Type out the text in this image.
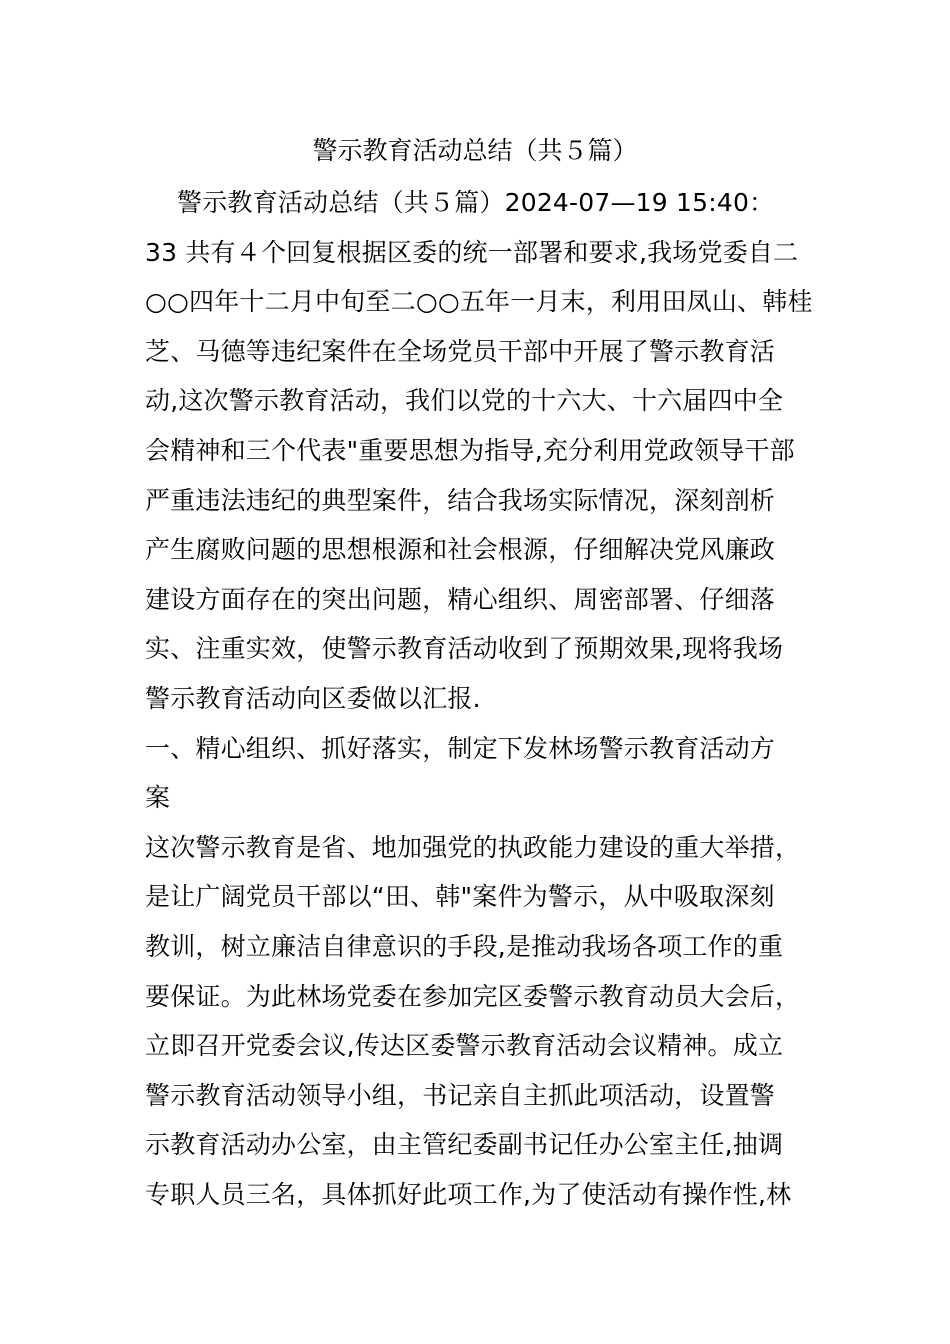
警示教育活动总结（共５篇）
警示教育活动总结（共５篇）2024-07—19 15:40：
33 共有４个回复根据区委的统一部署和要求,我场党委自二
○○四年十二月中旬至二○○五年一月末，利用田凤山、韩桂
芝、马德等违纪案件在全场党员干部中开展了警示教育活
动,这次警示教育活动，我们以党的十六大、十六届四中全
会精神和三个代表"重要思想为指导,充分利用党政领导干部
严重违法违纪的典型案件，结合我场实际情况，深刻剖析
产生腐败问题的思想根源和社会根源，仔细解决党风廉政
建设方面存在的突出问题，精心组织、周密部署、仔细落
实、注重实效，使警示教育活动收到了预期效果,现将我场
警示教育活动向区委做以汇报.
一、精心组织、抓好落实，制定下发林场警示教育活动方
案
这次警示教育是省、地加强党的执政能力建设的重大举措，
是让广阔党员干部以“田、韩"案件为警示，从中吸取深刻
教训，树立廉洁自律意识的手段,是推动我场各项工作的重
要保证。为此林场党委在参加完区委警示教育动员大会后，
立即召开党委会议,传达区委警示教育活动会议精神。成立
警示教育活动领导小组，书记亲自主抓此项活动，设置警
示教育活动办公室，由主管纪委副书记任办公室主任,抽调
专职人员三名，具体抓好此项工作,为了使活动有操作性,林
